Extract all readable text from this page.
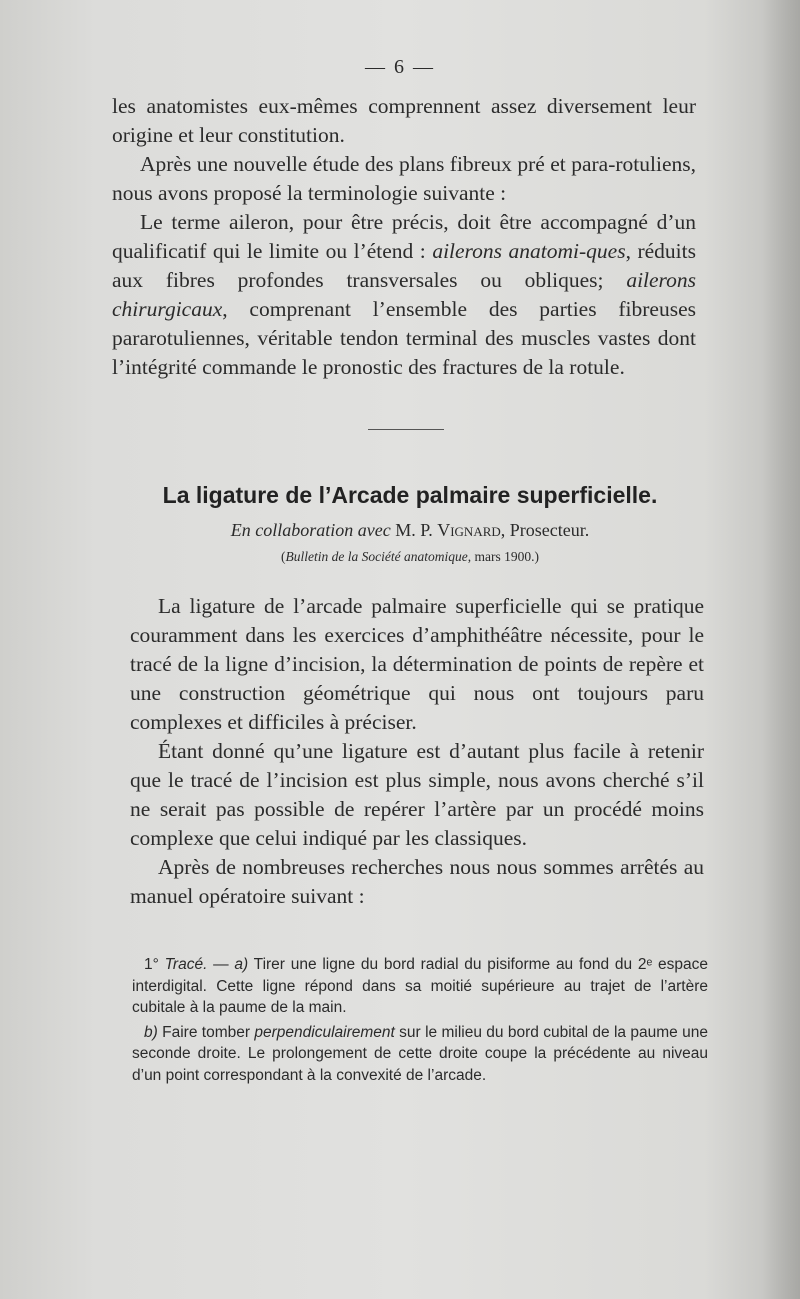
— 6 —

les anatomistes eux-mêmes comprennent assez diversement leur origine et leur constitution.

Après une nouvelle étude des plans fibreux pré et para-rotuliens, nous avons proposé la terminologie suivante :

Le terme aileron, pour être précis, doit être accompagné d’un qualificatif qui le limite ou l’étend : ailerons anatomi-ques, réduits aux fibres profondes transversales ou obliques; ailerons chirurgicaux, comprenant l’ensemble des parties fibreuses pararotuliennes, véritable tendon terminal des muscles vastes dont l’intégrité commande le pronostic des fractures de la rotule.

La ligature de l’Arcade palmaire superficielle.
En collaboration avec M. P. Vignard, Prosecteur.
(Bulletin de la Société anatomique, mars 1900.)

La ligature de l’arcade palmaire superficielle qui se pratique couramment dans les exercices d’amphithéâtre nécessite, pour le tracé de la ligne d’incision, la détermination de points de repère et une construction géométrique qui nous ont toujours paru complexes et difficiles à préciser.

Étant donné qu’une ligature est d’autant plus facile à retenir que le tracé de l’incision est plus simple, nous avons cherché s’il ne serait pas possible de repérer l’artère par un procédé moins complexe que celui indiqué par les classiques.

Après de nombreuses recherches nous nous sommes arrêtés au manuel opératoire suivant :

1° Tracé. — a) Tirer une ligne du bord radial du pisiforme au fond du 2ᵉ espace interdigital. Cette ligne répond dans sa moitié supérieure au trajet de l’artère cubitale à la paume de la main.

b) Faire tomber perpendiculairement sur le milieu du bord cubital de la paume une seconde droite. Le prolongement de cette droite coupe la précédente au niveau d’un point correspondant à la convexité de l’arcade.
